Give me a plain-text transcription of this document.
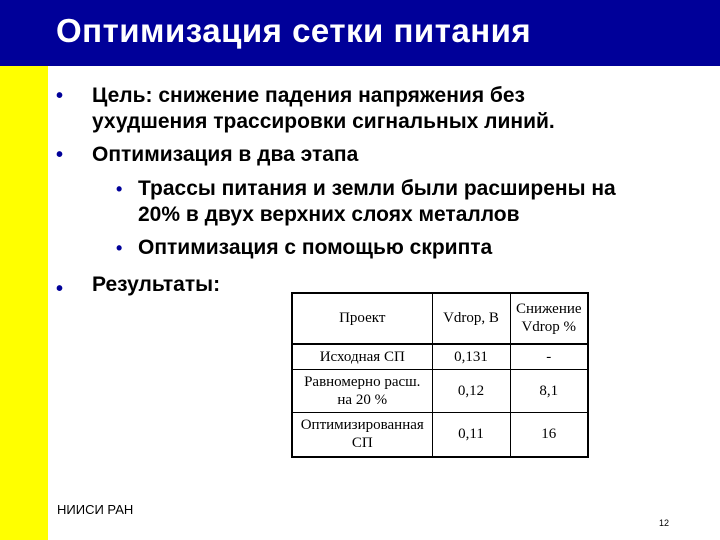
Оптимизация сетки питания
• Цель: снижение падения напряжения без
ухудшения трассировки сигнальных линий.
• Оптимизация в два этапа
• Трассы питания и земли были расширены на
20% в двух верхних слоях металлов
• Оптимизация с помощью скрипта
• Результаты:
Проект	Vdrop, В	Снижение
Vdrop %

Исходная СП	0,131	-

Равномерно расш.
на 20 %	0,12	8,1

Оптимизированная
СП	0,11	16
НИИСИ РАН
12
